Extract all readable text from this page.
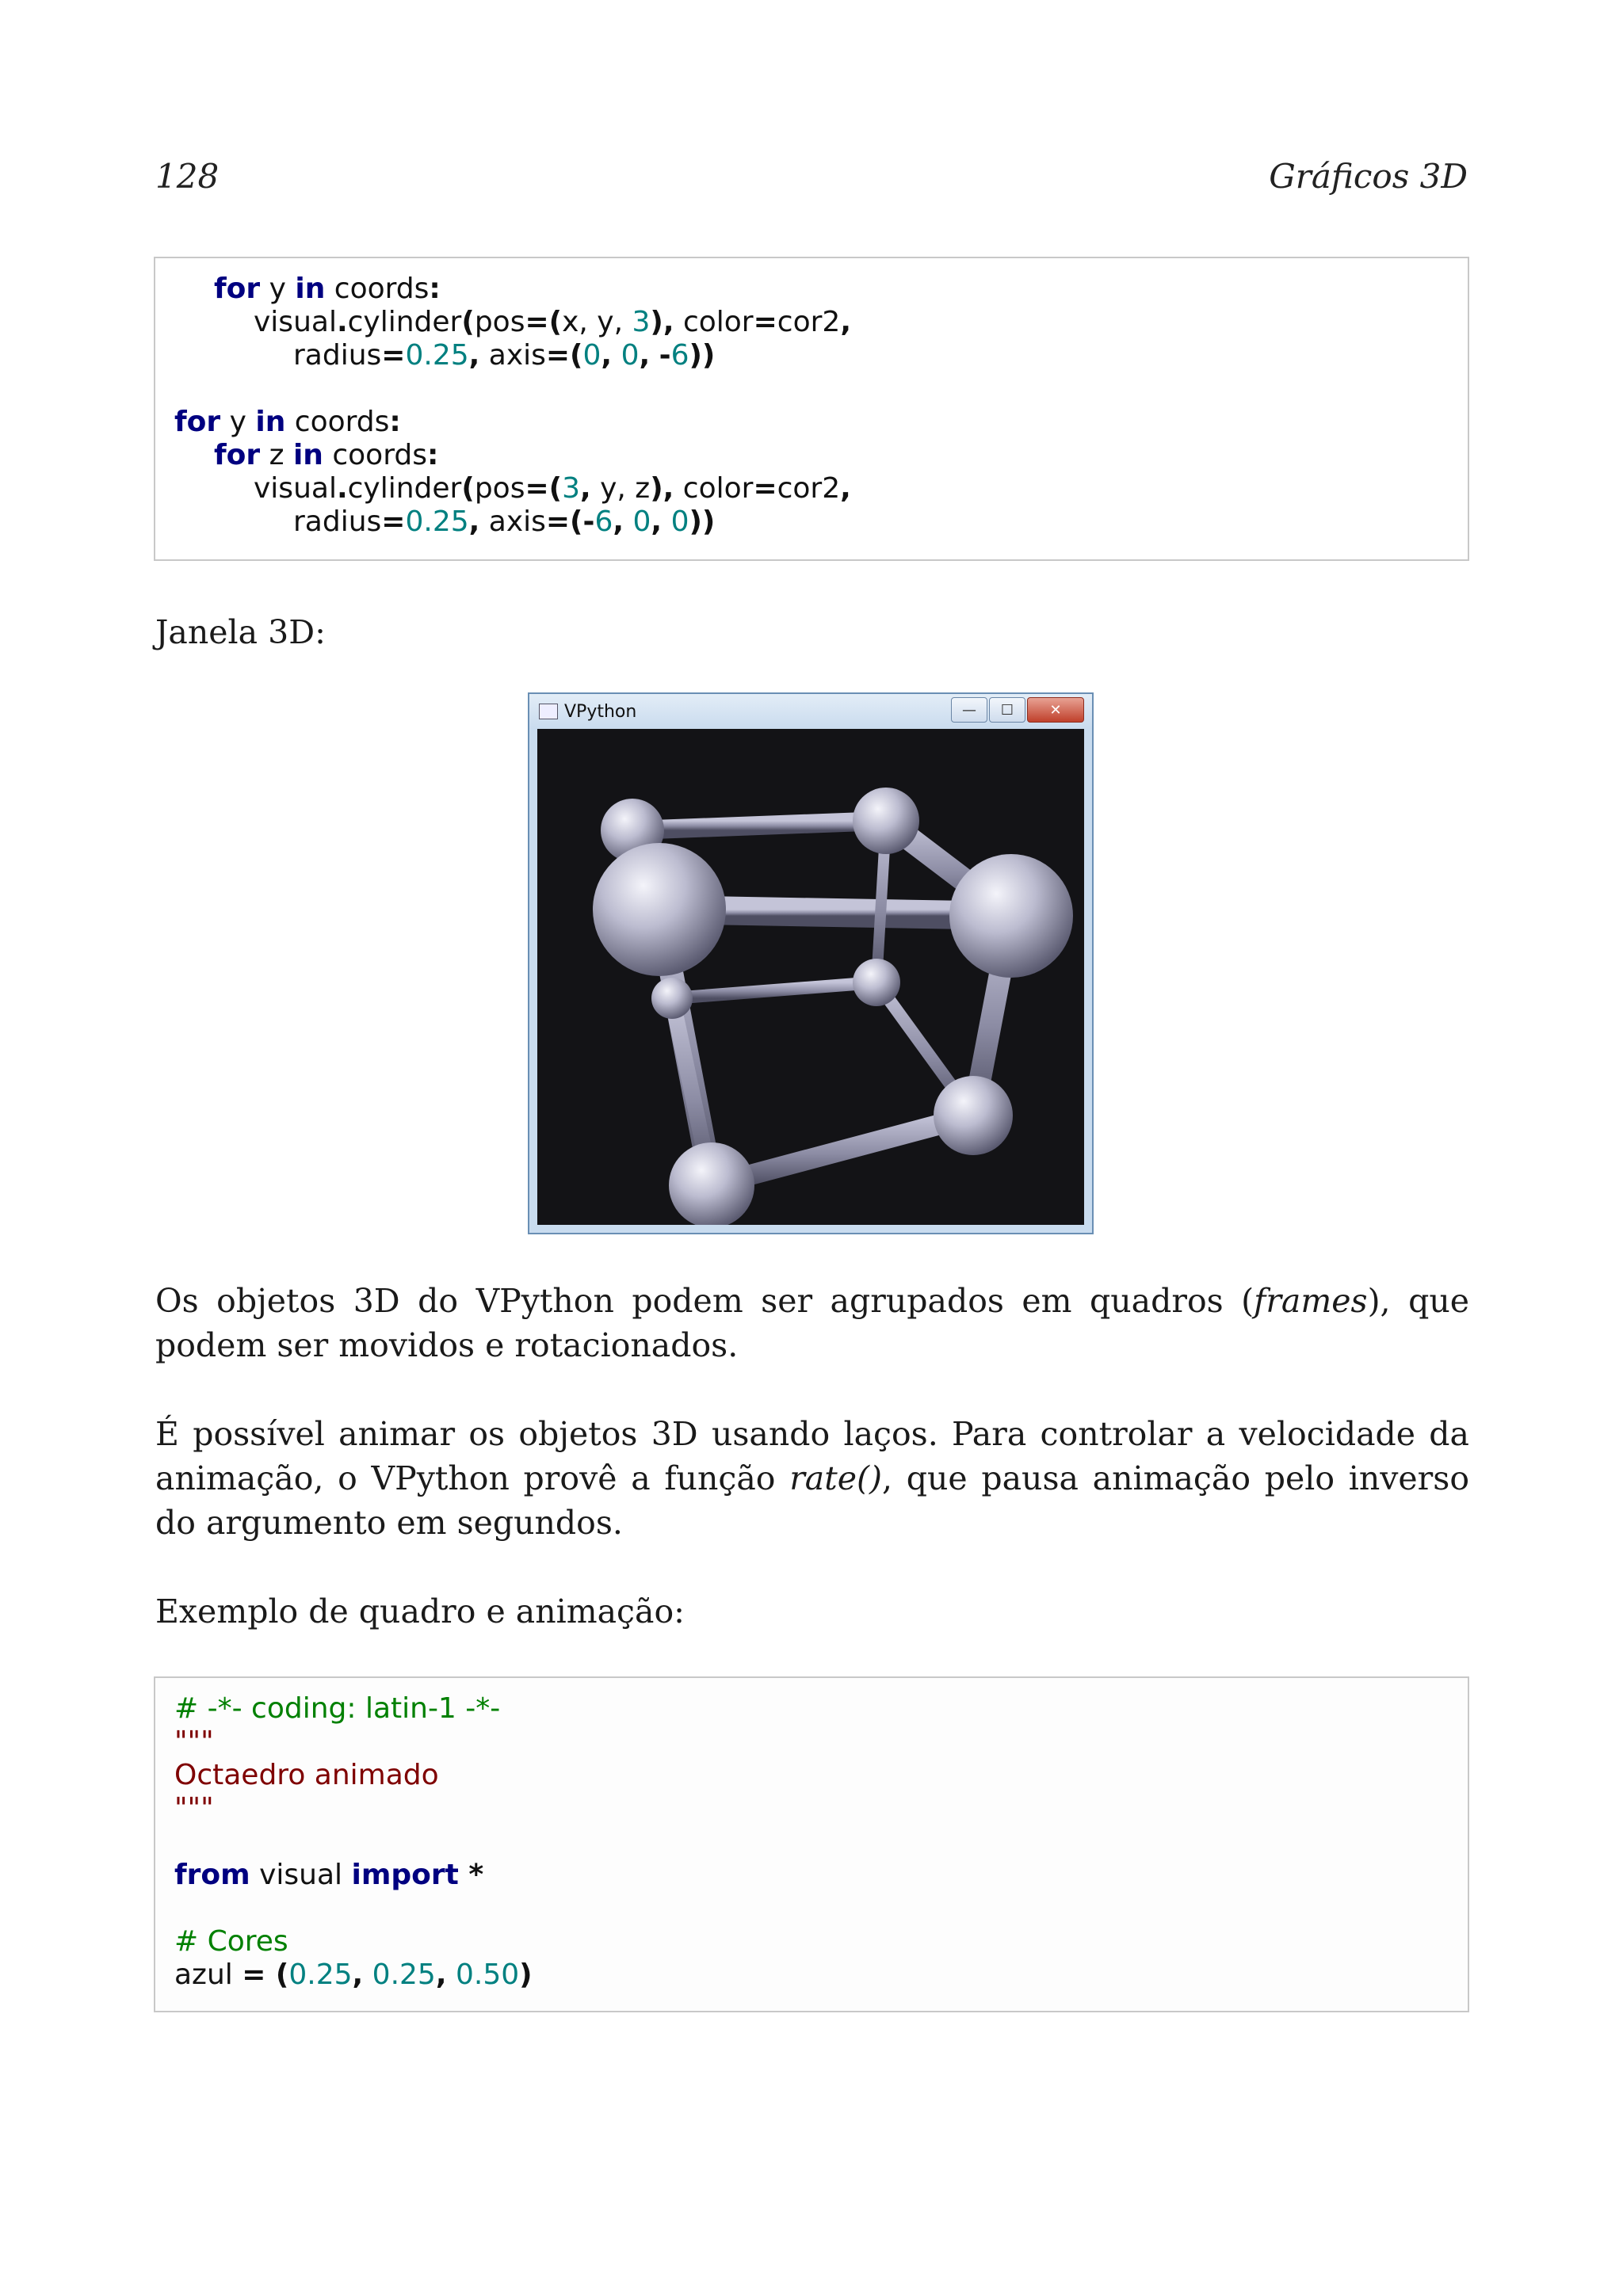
128	Gráficos 3D
for y in coords:
visual.cylinder(pos=(x, y, 3), color=cor2,
radius=0.25, axis=(0, 0, -6))
for y in coords:
for z in coords:
visual.cylinder(pos=(3, y, z), color=cor2,
radius=0.25, axis=(-6, 0, 0))
Janela 3D:
VPython	—	☐	✕
Os objetos 3D do VPython podem ser agrupados em quadros (frames), que podem ser movidos e rotacionados.
É possível animar os objetos 3D usando laços. Para controlar a velocidade da animação, o VPython provê a função rate(), que pausa animação pelo inverso do argumento em segundos.
Exemplo de quadro e animação:
# -*- coding: latin-1 -*-
"""
Octaedro animado
"""
from visual import *
# Cores
azul = (0.25, 0.25, 0.50)
